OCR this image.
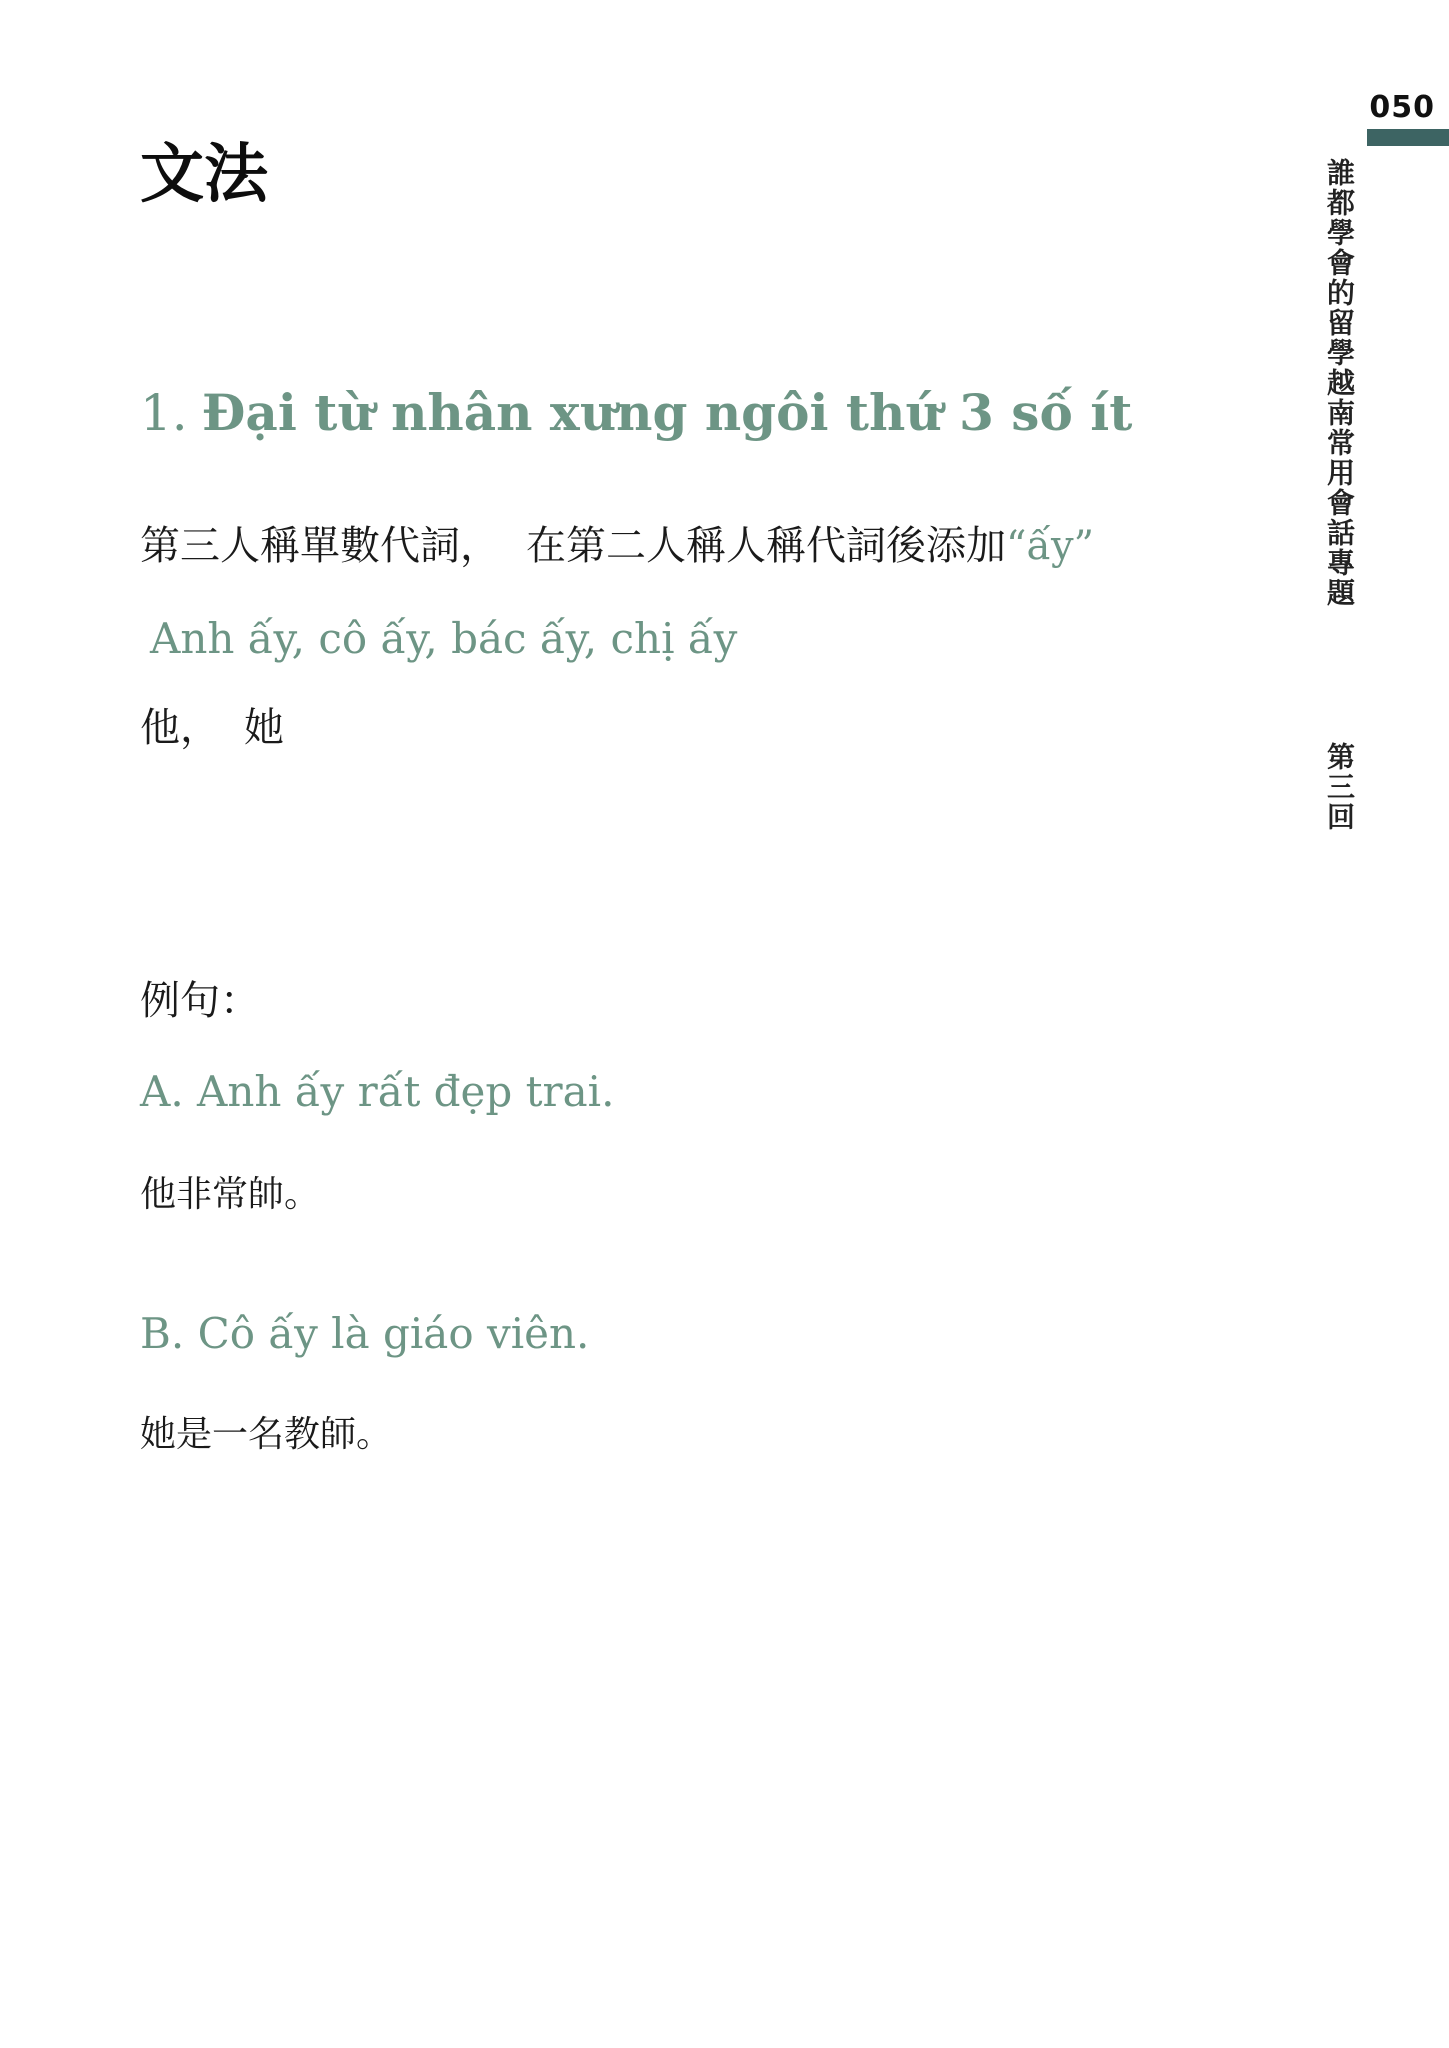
050
誰都學會的留學越南常用會話專題
第三回
文法
1. Đại từ nhân xưng ngôi thứ 3 số ít

第三人稱單數代詞， 在第二人稱人稱代詞後添加“ấy”

Anh ấy, cô ấy, bác ấy, chị ấy

他， 她

例句：

A. Anh ấy rất đẹp trai.

他非常帥。

B. Cô ấy là giáo viên.

她是一名教師。
